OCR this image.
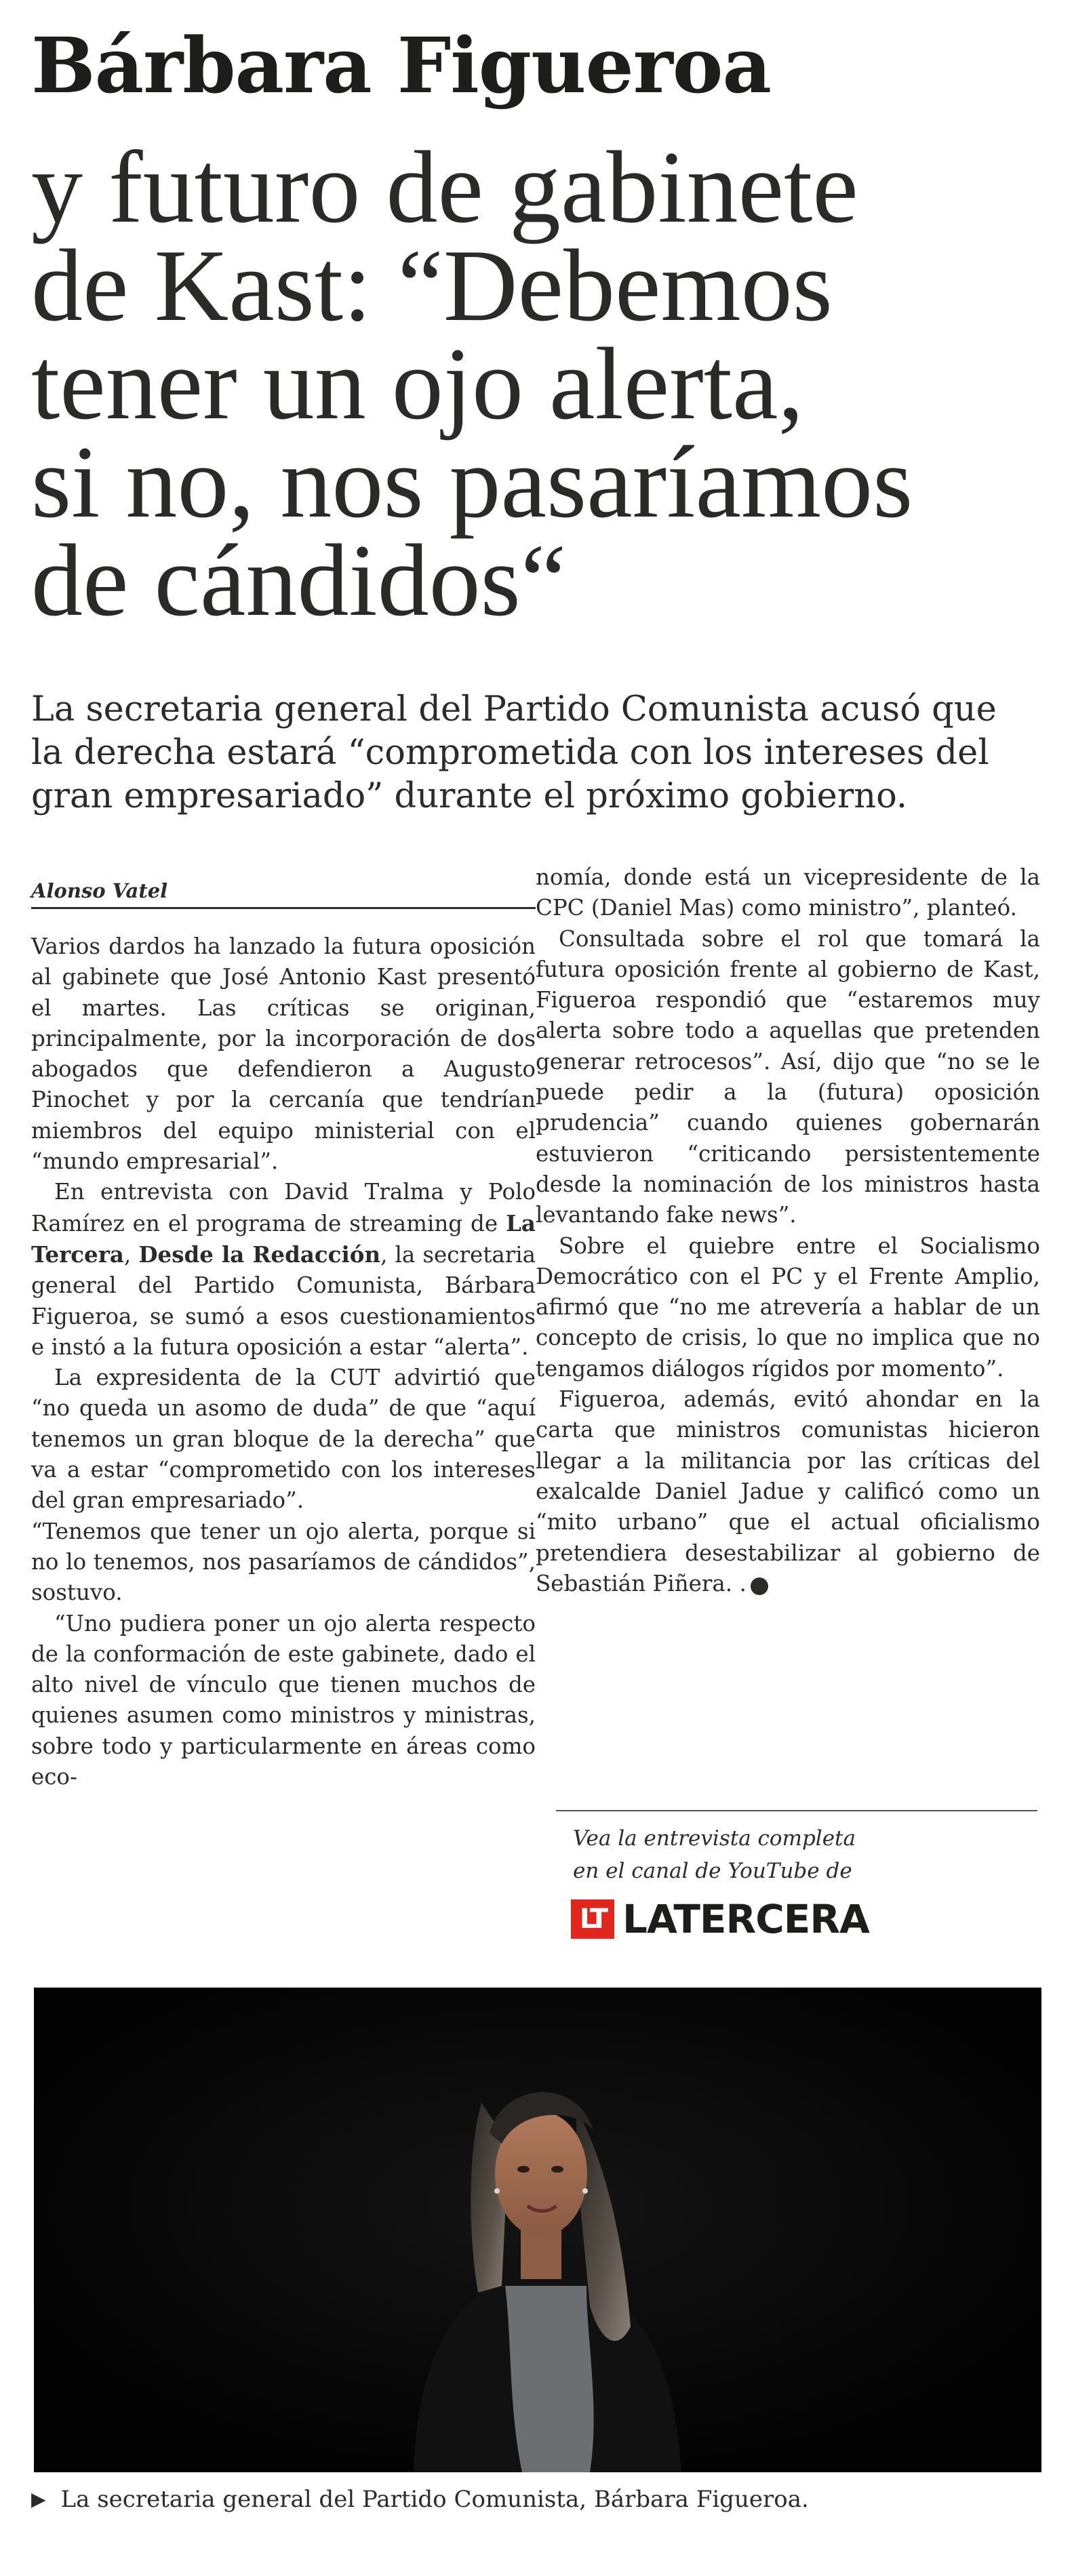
Bárbara Figueroa
y futuro de gabinete
de Kast: “Debemos
tener un ojo alerta,
si no, nos pasaríamos
de cándidos“

La secretaria general del Partido Comunista acusó que la derecha estará “comprometida con los intereses del gran empresariado” durante el próximo gobierno.

Alonso Vatel

Varios dardos ha lanzado la futura oposición al gabinete que José Antonio Kast presentó el martes. Las críticas se originan, principalmente, por la incorporación de dos abogados que defendieron a Augusto Pinochet y por la cercanía que tendrían miembros del equipo ministerial con el “mundo empresarial”.

En entrevista con David Tralma y Polo Ramírez en el programa de streaming de La Tercera, Desde la Redacción, la secretaria general del Partido Comunista, Bárbara Figueroa, se sumó a esos cuestionamientos e instó a la futura oposición a estar “alerta”.

La expresidenta de la CUT advirtió que “no queda un asomo de duda” de que “aquí tenemos un gran bloque de la derecha” que va a estar “comprometido con los intereses del gran empresariado”.

“Tenemos que tener un ojo alerta, porque si no lo tenemos, nos pasaríamos de cándidos”, sostuvo.

“Uno pudiera poner un ojo alerta respecto de la conformación de este gabinete, dado el alto nivel de vínculo que tienen muchos de quienes asumen como ministros y ministras, sobre todo y particularmente en áreas como eco-

nomía, donde está un vicepresidente de la CPC (Daniel Mas) como ministro”, planteó.

Consultada sobre el rol que tomará la futura oposición frente al gobierno de Kast, Figueroa respondió que “estaremos muy alerta sobre todo a aquellas que pretenden generar retrocesos”. Así, dijo que “no se le puede pedir a la (futura) oposición prudencia” cuando quienes gobernarán estuvieron “criticando persistentemente desde la nominación de los ministros hasta levantando fake news”.

Sobre el quiebre entre el Socialismo Democrático con el PC y el Frente Amplio, afirmó que “no me atrevería a hablar de un concepto de crisis, lo que no implica que no tengamos diálogos rígidos por momento”.

Figueroa, además, evitó ahondar en la carta que ministros comunistas hicieron llegar a la militancia por las críticas del exalcalde Daniel Jadue y calificó como un “mito urbano” que el actual oficialismo pretendiera desestabilizar al gobierno de Sebastián Piñera. . B

Vea la entrevista completa
en el canal de YouTube de
LT LATERCERA
▶ La secretaria general del Partido Comunista, Bárbara Figueroa.
